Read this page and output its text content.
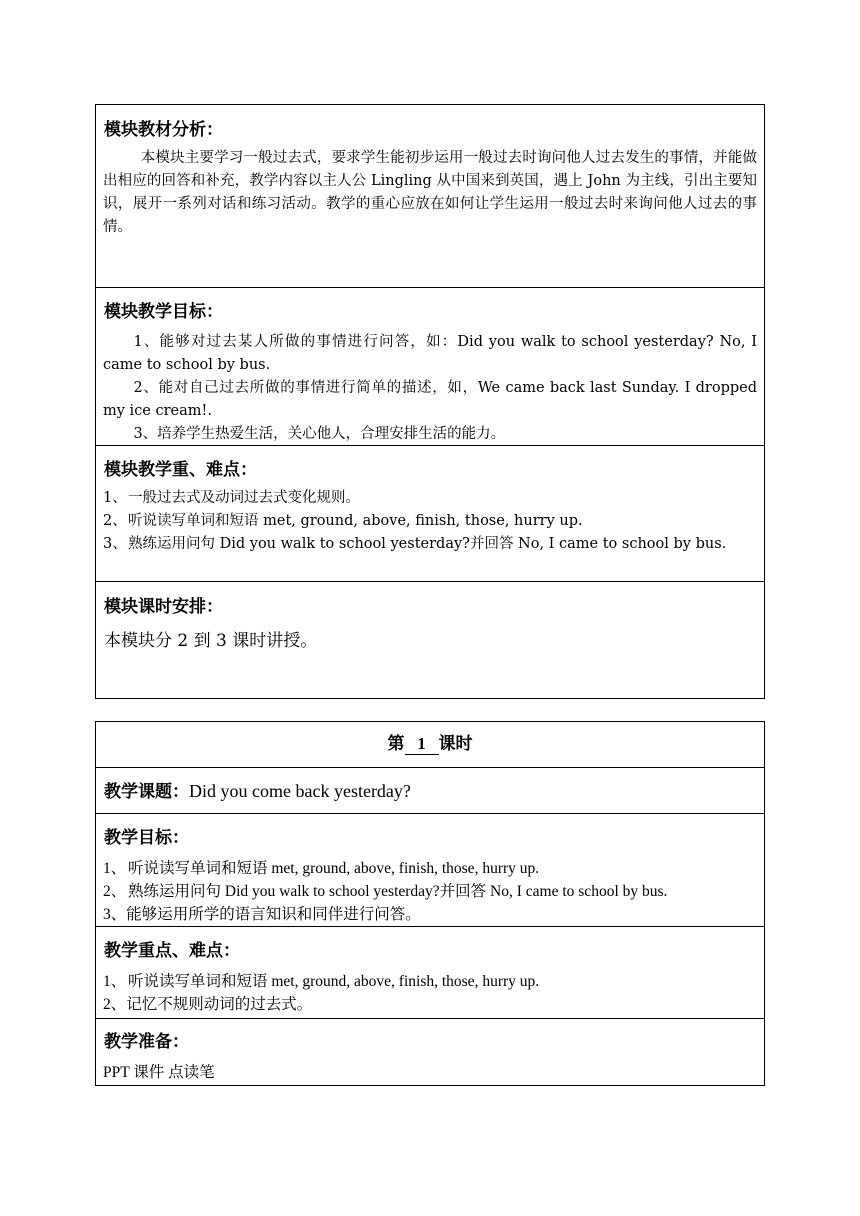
模块教材分析：
本模块主要学习一般过去式，要求学生能初步运用一般过去时询问他人过去发生的事情，并能做出相应的回答和补充，教学内容以主人公 Lingling 从中国来到英国，遇上 John 为主线，引出主要知识，展开一系列对话和练习活动。教学的重心应放在如何让学生运用一般过去时来询问他人过去的事情。
模块教学目标：
1、能够对过去某人所做的事情进行问答，如：Did you walk to school yesterday? No, I came to school by bus.
2、能对自己过去所做的事情进行简单的描述，如，We came back last Sunday. I dropped my ice cream!.
3、培养学生热爱生活，关心他人，合理安排生活的能力。
模块教学重、难点：
1、 一般过去式及动词过去式变化规则。
2、 听说读写单词和短语 met, ground, above, finish, those, hurry up.
3、 熟练运用问句 Did you walk to school yesterday?并回答 No, I came to school by bus.
模块课时安排：
本模块分 2 到 3 课时讲授。
第 1 课时
教学课题：Did you come back yesterday?
教学目标：
1、 听说读写单词和短语 met, ground, above, finish, those, hurry up.
2、 熟练运用问句 Did you walk to school yesterday?并回答 No, I came to school by bus.
3、能够运用所学的语言知识和同伴进行问答。
教学重点、难点：
1、 听说读写单词和短语 met, ground, above, finish, those, hurry up.
2、记忆不规则动词的过去式。
教学准备：
PPT 课件 点读笔
